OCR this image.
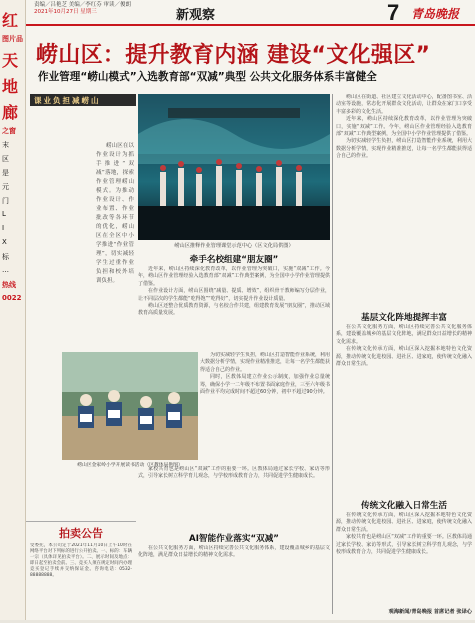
红
图片品
天
地
廊
之窗
末
区
是
元
门
L
I
X
标
…
热线
0022
责编／吕艳芝 美编／李红芬 审读／俊朗
2021年10月27日 星期三	新观察	7 青岛晚报
崂山区：提升教育内涵 建设“文化强区”
作业管理“崂山模式”入选教育部“双减”典型 公共文化服务体系丰富健全
课业负担减崂山

崂山区在以作业设计为抓手推进“双减”落地，探索作业管理崂山模式。为推动作业设计、作业布置、作业批改等各环节的优化，崂山区在全区中小学推进“作业管理”，切实减轻学生过重作业负担和校外培训负担。

崂山区推释作业管理课堂示范中心（区文化局供图）
牵手名校组建“朋友圈”

近年来，崂山区持续深化教育改革，以作业管理为突破口，实施“双减”工作。今年，崂山区作业管理经验入选教育部“双减”工作典型案例，为全国中小学作业管理提供了借鉴。

在作业设计方面，崂山区围绕“减量、提质、增效”，组织骨干教师编写分层作业，让不同层次的学生都能“吃得饱”“吃得好”，切实提升作业设计质量。

崂山区还整合优质教育资源，与名校合作共建，组建教育发展“朋友圈”，推动区域教育高质量发展。

崂山区金家岭小学开展读书活动（区教体局供图）

为切实减轻学生负担，崂山区打造智能作业系统，利用大数据分析学情，实现作业精准推送，让每一名学生都能获得适合自己的作业。

同时，区教体局建立作业公示制度，加强作业总量统筹，确保小学一二年级不布置书面家庭作业，三至六年级书面作业平均完成时间不超过60分钟，初中不超过90分钟。

AI智能作业落实“双减”

家校共育也是崂山区“双减”工作的重要一环。区教体局通过家长学校、家访等形式，引导家长树立科学育儿观念，与学校形成教育合力，共同促进学生健康成长。

在公共文化服务方面，崂山区持续完善公共文化服务体系，建设覆盖城乡的基层文化阵地，满足群众日益增长的精神文化需求。

崂山区在街道、社区建立文化活动中心，配备图书室、活动室等设施，常态化开展群众文化活动，让群众在家门口享受丰富多彩的文化生活。

近年来，崂山区持续深化教育改革，以作业管理为突破口，实施“双减”工作。今年，崂山区作业管理经验入选教育部“双减”工作典型案例，为全国中小学作业管理提供了借鉴。

为切实减轻学生负担，崂山区打造智能作业系统，利用大数据分析学情，实现作业精准推送，让每一名学生都能获得适合自己的作业。

基层文化阵地提挥丰富

在公共文化服务方面，崂山区持续完善公共文化服务体系，建设覆盖城乡的基层文化阵地，满足群众日益增长的精神文化需求。

在传统文化传承方面，崂山区深入挖掘本地特色文化资源，推动传统文化进校园、进社区、进家庭，使传统文化融入群众日常生活。

传统文化融入日常生活

在传统文化传承方面，崂山区深入挖掘本地特色文化资源，推动传统文化进校园、进社区、进家庭，使传统文化融入群众日常生活。

家校共育也是崂山区“双减”工作的重要一环。区教体局通过家长学校、家访等形式，引导家长树立科学育儿观念，与学校形成教育合力，共同促进学生健康成长。

观海新闻/青岛晚报 首席记者 张译心
拍卖公告
受委托，本公司定于2021年11月10日上午10时在网络平台对下列标的进行公开拍卖。一、标的：车辆一宗（具体详见拍卖平台）。二、展示时间及地点：即日起至拍卖会前。三、竞买人须在规定时间内办理竞买登记手续并交纳保证金。咨询电话：0532-88888888。
